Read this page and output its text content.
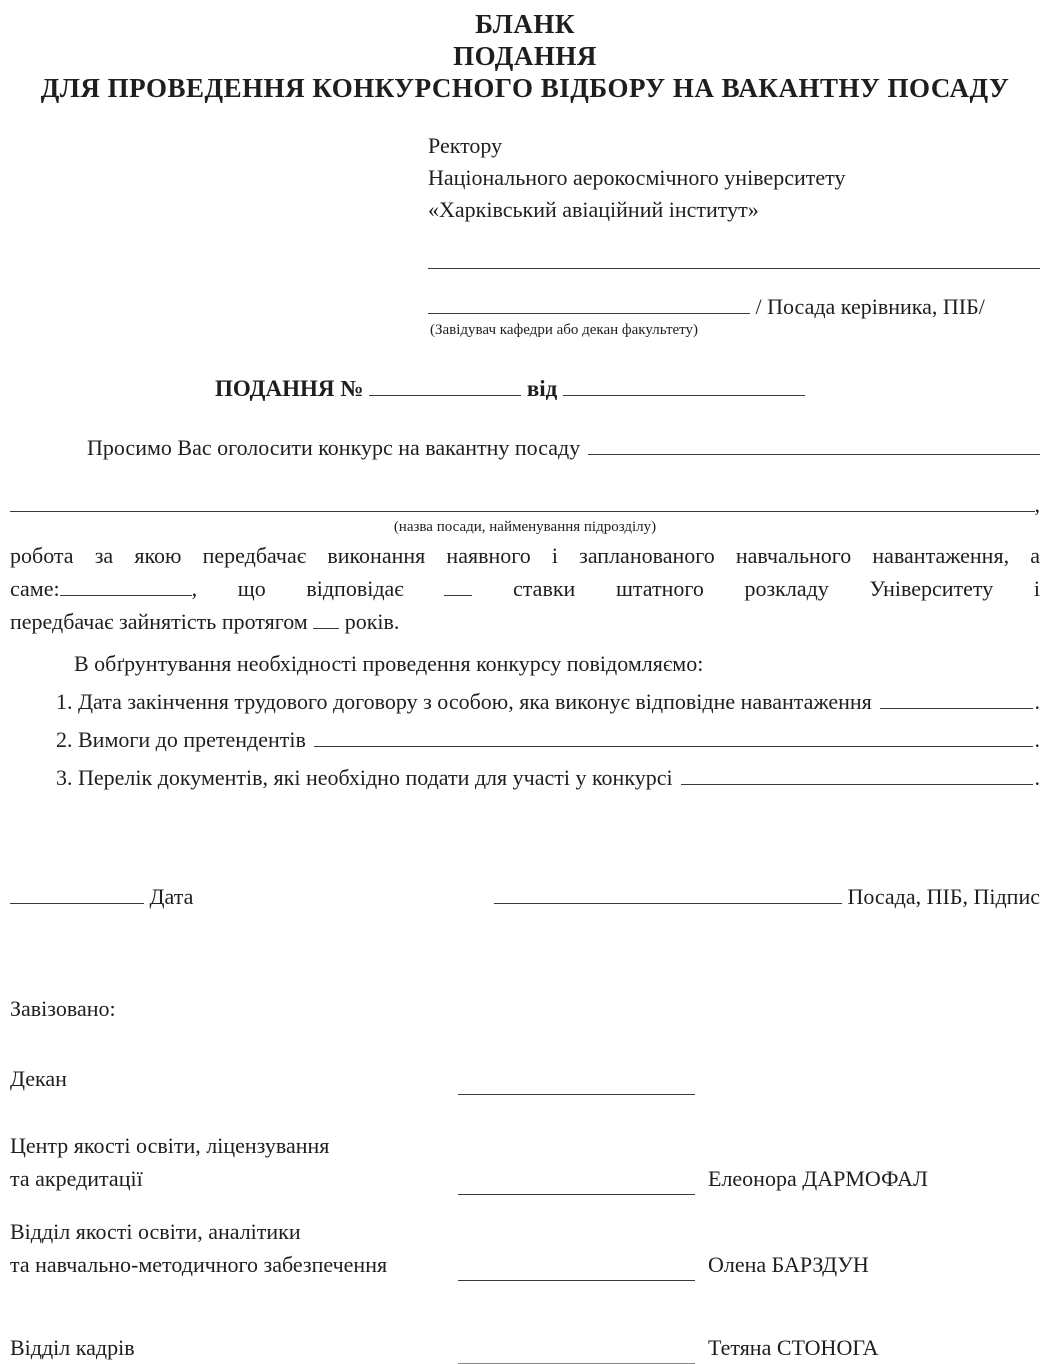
БЛАНК
ПОДАННЯ
ДЛЯ ПРОВЕДЕННЯ КОНКУРСНОГО ВІДБОРУ НА ВАКАНТНУ ПОСАДУ
Ректору
Національного аерокосмічного університету
«Харківський авіаційний інститут»
/ Посада керівника, ПІБ/
(Завідувач кафедри або декан факультету)
ПОДАННЯ №	від
Просимо Вас оголосити конкурс на вакантну посаду
,
(назва посади, найменування підрозділу)
робота за якою передбачає виконання наявного і запланованого навчального навантаження, а
саме:	, що відповідає	ставки штатного розкладу Університету і
передбачає зайнятість протягом років.
В обґрунтування необхідності проведення конкурсу повідомляємо:
1. Дата закінчення трудового договору з особою, яка виконує відповідне навантаження	.
2. Вимоги до претендентів	.
3. Перелік документів, які необхідно подати для участі у конкурсі	.
Дата	Посада, ПІБ, Підпис
Завізовано:
Декан
Центр якості освіти, ліцензування
та акредитації	Елеонора ДАРМОФАЛ
Відділ якості освіти, аналітики
та навчально-методичного забезпечення	Олена БАРЗДУН
Відділ кадрів	Тетяна СТОНОГА
